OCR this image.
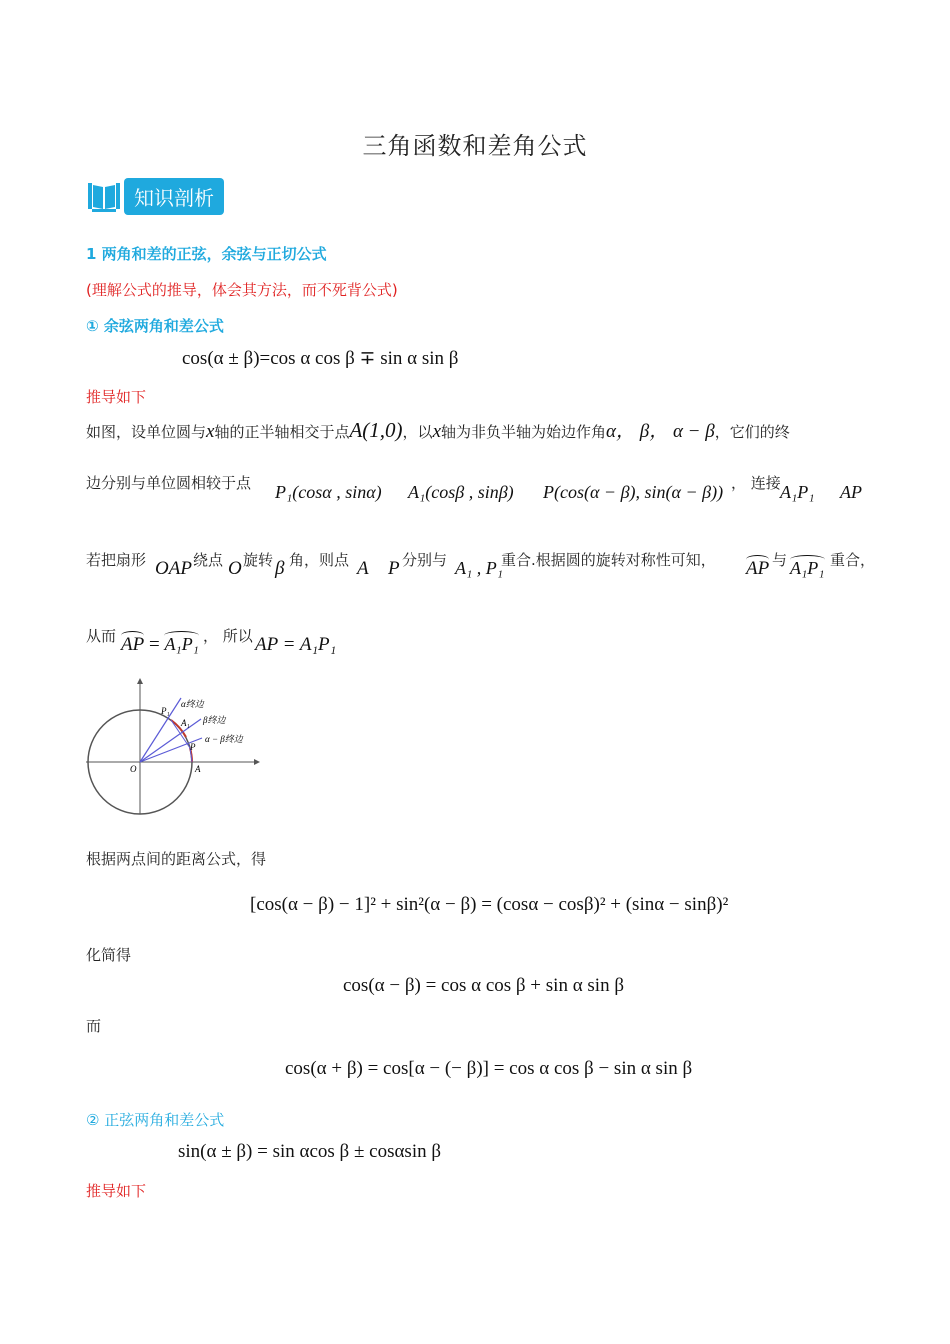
三角函数和差角公式
知识剖析
1 两角和差的正弦，余弦与正切公式
(理解公式的推导，体会其方法，而不死背公式)
① 余弦两角和差公式
cos(α ± β)=cos α cos β ∓ sin α sin β
推导如下
如图，设单位圆与x轴的正半轴相交于点A(1,0)，以x轴为非负半轴为始边作角α， β， α − β，它们的终
边分别与单位圆相较于点 P₁(cosα , sinα) A₁(cosβ , sinβ) P(cos(α − β), sin(α − β)) ， 连接 A₁P₁ AP
若把扇形 OAP 绕点 O 旋转 β 角，则点 A P 分别与 A₁ , P₁
重合.根据圆的旋转对称性可知， AP 与 A₁P₁ 重合，
从而 AP = A₁P₁ ， 所以 AP = A₁P₁
α终边
β终边
α − β终边
P₁
A₁
P
O	A
根据两点间的距离公式，得
[cos(α − β) − 1]² + sin²(α − β) = (cosα − cosβ)² + (sinα − sinβ)²
化简得
cos(α − β) = cos α cos β + sin α sin β
而
cos(α + β) = cos[α − (− β)] = cos α cos β − sin α sin β
② 正弦两角和差公式
sin(α ± β) = sin αcos β ± cosαsin β
推导如下
